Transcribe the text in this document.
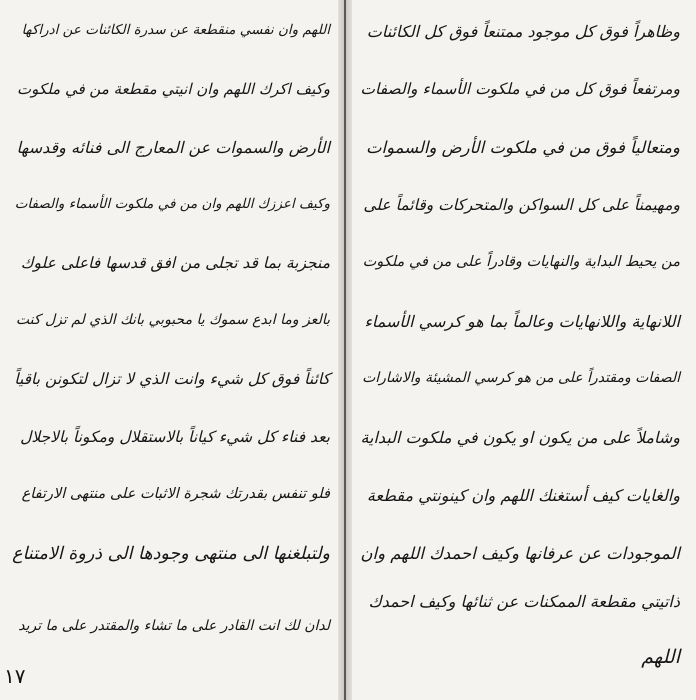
اللهم وان نفسي منقطعة عن سدرة الكائنات عن ادراكها
وكيف اكرك اللهم وان انيتي مقطعة من في ملكوت
الأرض والسموات عن المعارج الى فنائه وقدسها
وكيف اعززك اللهم وان من في ملكوت الأسماء والصفات
منجزبة بما قد تجلى من افق قدسها فاعلى علوك
بالعز وما ابدع سموك يا محبوبي بانك الذي لم تزل كنت
كائناً فوق كل شيء وانت الذي لا تزال لتكونن باقياً
بعد فناء كل شيء كياناً بالاستقلال ومكوناً بالاجلال
فلو تنفس بقدرتك شجرة الاثبات على منتهى الارتفاع
ولتبلغنها الى منتهى وجودها الى ذروة الامتناع
لدان لك انت القادر على ما تشاء والمقتدر على ما تريد
وظاهراً فوق كل موجود ممتنعاً فوق كل الكائنات
ومرتفعاً فوق كل من في ملكوت الأسماء والصفات
ومتعالياً فوق من في ملكوت الأرض والسموات
ومهيمناً على كل السواكن والمتحركات وقائماً على
من يحيط البداية والنهايات وقادراً على من في ملكوت
اللانهاية واللانهايات وعالماً بما هو كرسي الأسماء
الصفات ومقتدراً على من هو كرسي المشيئة والاشارات
وشاملاً على من يكون او يكون في ملكوت البداية
والغايات كيف أستغنك اللهم وان كينونتي مقطعة
الموجودات عن عرفانها وكيف احمدك اللهم وان
ذاتيتي مقطعة الممكنات عن ثنائها وكيف احمدك
اللهم
١٧
